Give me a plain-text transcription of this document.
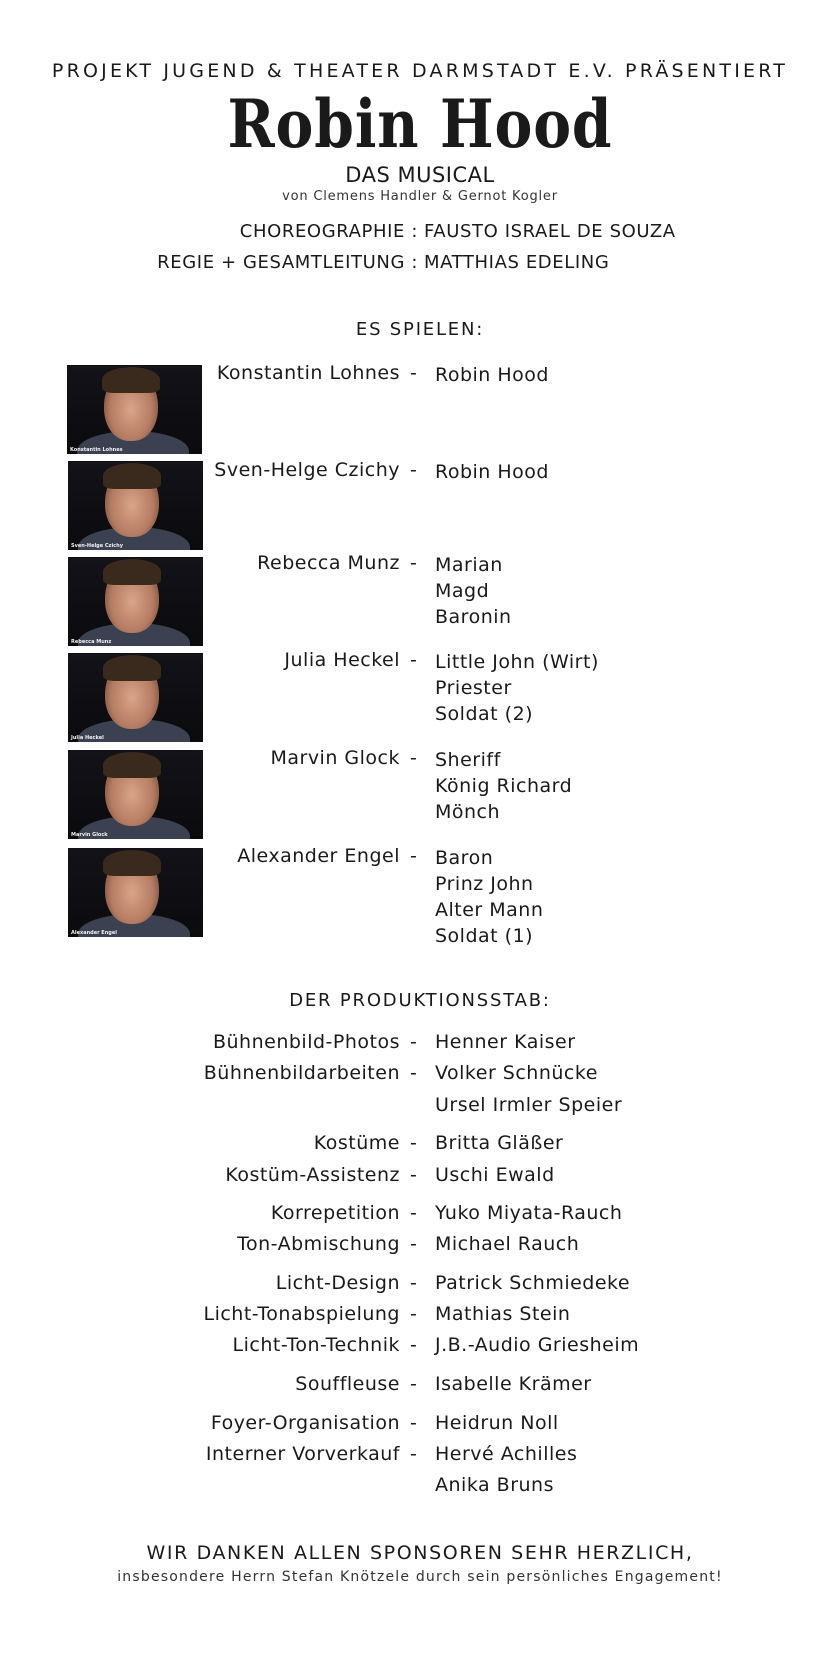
PROJEKT JUGEND & THEATER DARMSTADT E.V. PRÄSENTIERT
Robin Hood
DAS MUSICAL
von Clemens Handler & Gernot Kogler
CHOREOGRAPHIE : FAUSTO ISRAEL DE SOUZA
REGIE + GESAMTLEITUNG : MATTHIAS EDELING
ES SPIELEN:
Konstantin Lohnes
Konstantin Lohnes - Robin Hood
Sven-Helge Czichy
Sven-Helge Czichy - Robin Hood
Rebecca Munz
Rebecca Munz - Marian
Magd
Baronin
Julia Heckel
Julia Heckel - Little John (Wirt)
Priester
Soldat (2)
Marvin Glock
Marvin Glock - Sheriff
König Richard
Mönch
Alexander Engel
Alexander Engel - Baron
Prinz John
Alter Mann
Soldat (1)
DER PRODUKTIONSSTAB:
Bühnenbild-Photos - Henner Kaiser
Bühnenbildarbeiten - Volker Schnücke
Ursel Irmler Speier
Kostüme - Britta Gläßer
Kostüm-Assistenz - Uschi Ewald
Korrepetition - Yuko Miyata-Rauch
Ton-Abmischung - Michael Rauch
Licht-Design - Patrick Schmiedeke
Licht-Tonabspielung - Mathias Stein
Licht-Ton-Technik - J.B.-Audio Griesheim
Souffleuse - Isabelle Krämer
Foyer-Organisation - Heidrun Noll
Interner Vorverkauf - Hervé Achilles
Anika Bruns
WIR DANKEN ALLEN SPONSOREN SEHR HERZLICH,
insbesondere Herrn Stefan Knötzele durch sein persönliches Engagement!
